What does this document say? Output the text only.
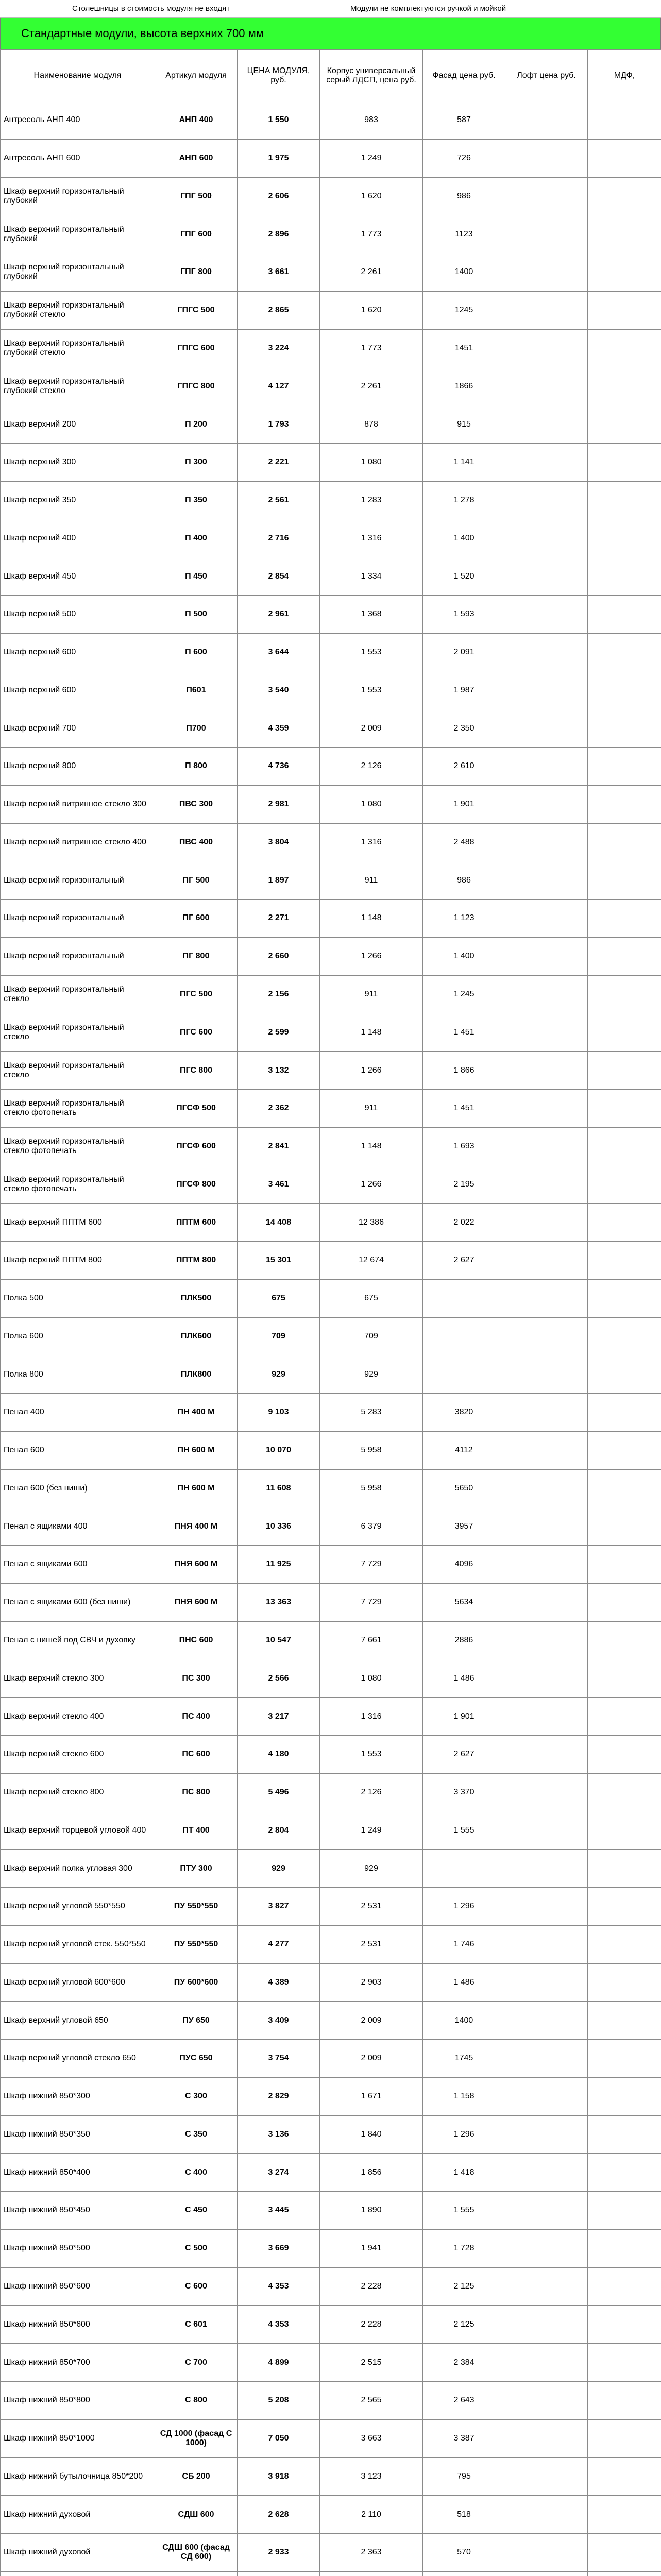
Столешницы в стоимость модуля не входят	Модули не комплектуются ручкой и мойкой
Стандартные модули, высота верхних 700 мм
Наименование модуля	Артикул модуля	ЦЕНА МОДУЛЯ, руб.	Корпус универсальный серый ЛДСП, цена руб.	Фасад цена руб.	Лофт цена руб.	МДФ,
Антресоль АНП 400	АНП 400	1 550	983	587		
Антресоль АНП 600	АНП 600	1 975	1 249	726		
Шкаф верхний горизонтальный глубокий	ГПГ 500	2 606	1 620	986		
Шкаф верхний горизонтальный глубокий	ГПГ 600	2 896	1 773	1123		
Шкаф верхний горизонтальный глубокий	ГПГ 800	3 661	2 261	1400		
Шкаф верхний горизонтальный глубокий стекло	ГПГС 500	2 865	1 620	1245		
Шкаф верхний горизонтальный глубокий стекло	ГПГС 600	3 224	1 773	1451		
Шкаф верхний горизонтальный глубокий стекло	ГПГС 800	4 127	2 261	1866		
Шкаф верхний 200	П 200	1 793	878	915		
Шкаф верхний 300	П 300	2 221	1 080	1 141		
Шкаф верхний 350	П 350	2 561	1 283	1 278		
Шкаф верхний 400	П 400	2 716	1 316	1 400		
Шкаф верхний 450	П 450	2 854	1 334	1 520		
Шкаф верхний 500	П 500	2 961	1 368	1 593		
Шкаф верхний 600	П 600	3 644	1 553	2 091		
Шкаф верхний 600	П601	3 540	1 553	1 987		
Шкаф верхний 700	П700	4 359	2 009	2 350		
Шкаф верхний 800	П 800	4 736	2 126	2 610		
Шкаф верхний витринное стекло 300	ПВС 300	2 981	1 080	1 901		
Шкаф верхний витринное стекло 400	ПВС 400	3 804	1 316	2 488		
Шкаф верхний горизонтальный	ПГ 500	1 897	911	986		
Шкаф верхний горизонтальный	ПГ 600	2 271	1 148	1 123		
Шкаф верхний горизонтальный	ПГ 800	2 660	1 266	1 400		
Шкаф верхний горизонтальный стекло	ПГС 500	2 156	911	1 245		
Шкаф верхний горизонтальный стекло	ПГС 600	2 599	1 148	1 451		
Шкаф верхний горизонтальный стекло	ПГС 800	3 132	1 266	1 866		
Шкаф верхний горизонтальный стекло фотопечать	ПГСФ 500	2 362	911	1 451		
Шкаф верхний горизонтальный стекло фотопечать	ПГСФ 600	2 841	1 148	1 693		
Шкаф верхний горизонтальный стекло фотопечать	ПГСФ 800	3 461	1 266	2 195		
Шкаф верхний ППТМ 600	ППТМ 600	14 408	12 386	2 022		
Шкаф верхний ППТМ 800	ППТМ 800	15 301	12 674	2 627		
Полка 500	ПЛК500	675	675			
Полка 600	ПЛК600	709	709			
Полка 800	ПЛК800	929	929			
Пенал 400	ПН 400 М	9 103	5 283	3820		
Пенал 600	ПН 600 М	10 070	5 958	4112		
Пенал 600 (без ниши)	ПН 600 М	11 608	5 958	5650		
Пенал с ящиками 400	ПНЯ 400 М	10 336	6 379	3957		
Пенал с ящиками 600	ПНЯ 600 М	11 925	7 729	4096		
Пенал с ящиками 600 (без ниши)	ПНЯ 600 М	13 363	7 729	5634		
Пенал с нишей под СВЧ и духовку	ПНС 600	10 547	7 661	2886		
Шкаф верхний стекло 300	ПС 300	2 566	1 080	1 486		
Шкаф верхний стекло 400	ПС 400	3 217	1 316	1 901		
Шкаф верхний стекло 600	ПС 600	4 180	1 553	2 627		
Шкаф верхний стекло 800	ПС 800	5 496	2 126	3 370		
Шкаф верхний торцевой угловой 400	ПТ 400	2 804	1 249	1 555		
Шкаф верхний полка угловая 300	ПТУ 300	929	929			
Шкаф верхний угловой 550*550	ПУ 550*550	3 827	2 531	1 296		
Шкаф верхний угловой стек. 550*550	ПУ 550*550	4 277	2 531	1 746		
Шкаф верхний угловой 600*600	ПУ 600*600	4 389	2 903	1 486		
Шкаф верхний угловой 650	ПУ 650	3 409	2 009	1400		
Шкаф верхний угловой стекло 650	ПУС 650	3 754	2 009	1745		
Шкаф нижний 850*300	С 300	2 829	1 671	1 158		
Шкаф нижний 850*350	С 350	3 136	1 840	1 296		
Шкаф нижний 850*400	С 400	3 274	1 856	1 418		
Шкаф нижний 850*450	С 450	3 445	1 890	1 555		
Шкаф нижний 850*500	С 500	3 669	1 941	1 728		
Шкаф нижний 850*600	С 600	4 353	2 228	2 125		
Шкаф нижний 850*600	С 601	4 353	2 228	2 125		
Шкаф нижний 850*700	С 700	4 899	2 515	2 384		
Шкаф нижний 850*800	С 800	5 208	2 565	2 643		
Шкаф нижний 850*1000	СД 1000 (фасад С 1000)	7 050	3 663	3 387		
Шкаф нижний бутылочница 850*200	СБ 200	3 918	3 123	795		
Шкаф нижний духовой	СДШ 600	2 628	2 110	518		
Шкаф нижний духовой	СДШ 600 (фасад СД 600)	2 933	2 363	570		
